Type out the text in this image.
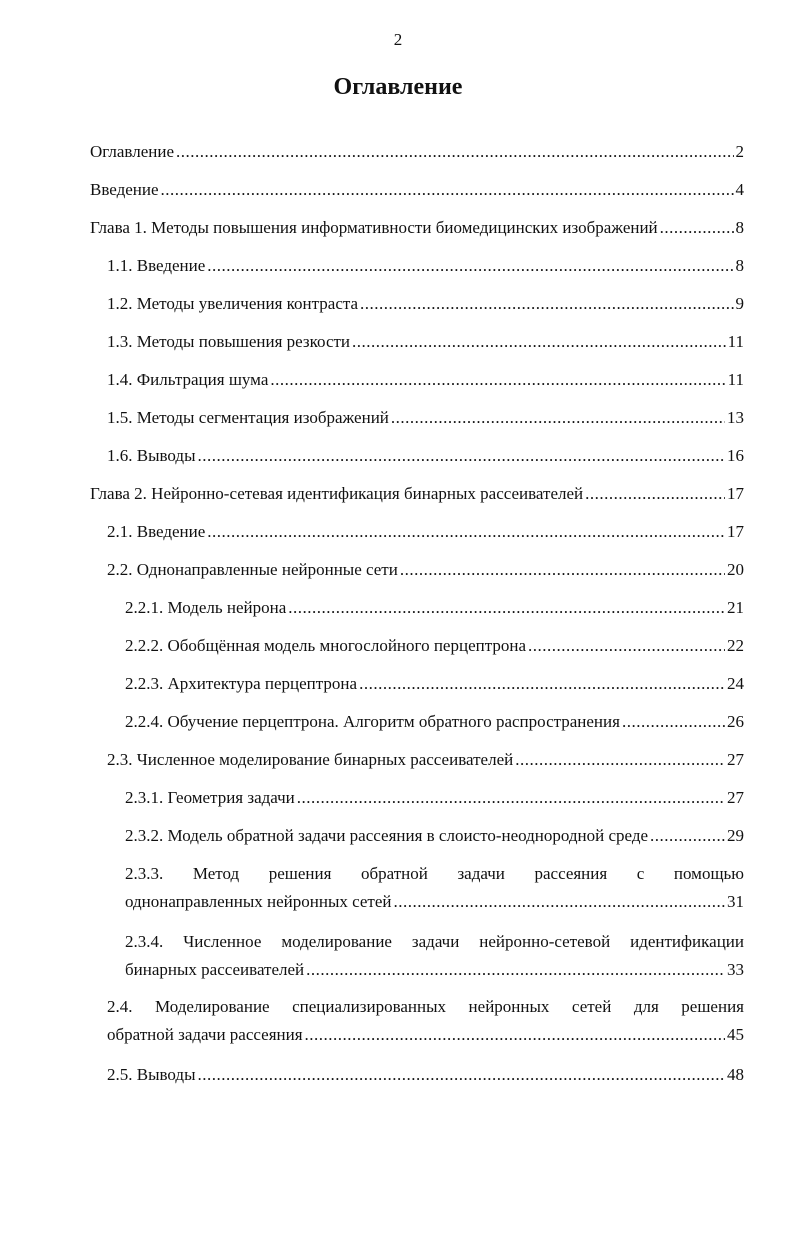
2
Оглавление
Оглавление .....	2
Введение .....	4
Глава 1. Методы повышения информативности биомедицинских изображений .....	8
1.1. Введение .....	8
1.2. Методы увеличения контраста .....	9
1.3. Методы повышения резкости .....	11
1.4. Фильтрация шума .....	11
1.5. Методы сегментация изображений .....	13
1.6. Выводы .....	16
Глава 2. Нейронно-сетевая идентификация бинарных рассеивателей .....	17
2.1. Введение .....	17
2.2. Однонаправленные нейронные сети .....	20
2.2.1. Модель нейрона .....	21
2.2.2. Обобщённая модель многослойного перцептрона .....	22
2.2.3. Архитектура перцептрона .....	24
2.2.4. Обучение перцептрона. Алгоритм обратного распространения .....	26
2.3. Численное моделирование бинарных рассеивателей .....	27
2.3.1. Геометрия задачи .....	27
2.3.2. Модель обратной задачи рассеяния в слоисто-неоднородной среде .....	29
2.3.3. Метод решения обратной задачи рассеяния с помощью
однонаправленных нейронных сетей .....	31
2.3.4. Численное моделирование задачи нейронно-сетевой идентификации
бинарных рассеивателей .....	33
2.4. Моделирование специализированных нейронных сетей для решения
обратной задачи рассеяния .....	45
2.5. Выводы .....	48
